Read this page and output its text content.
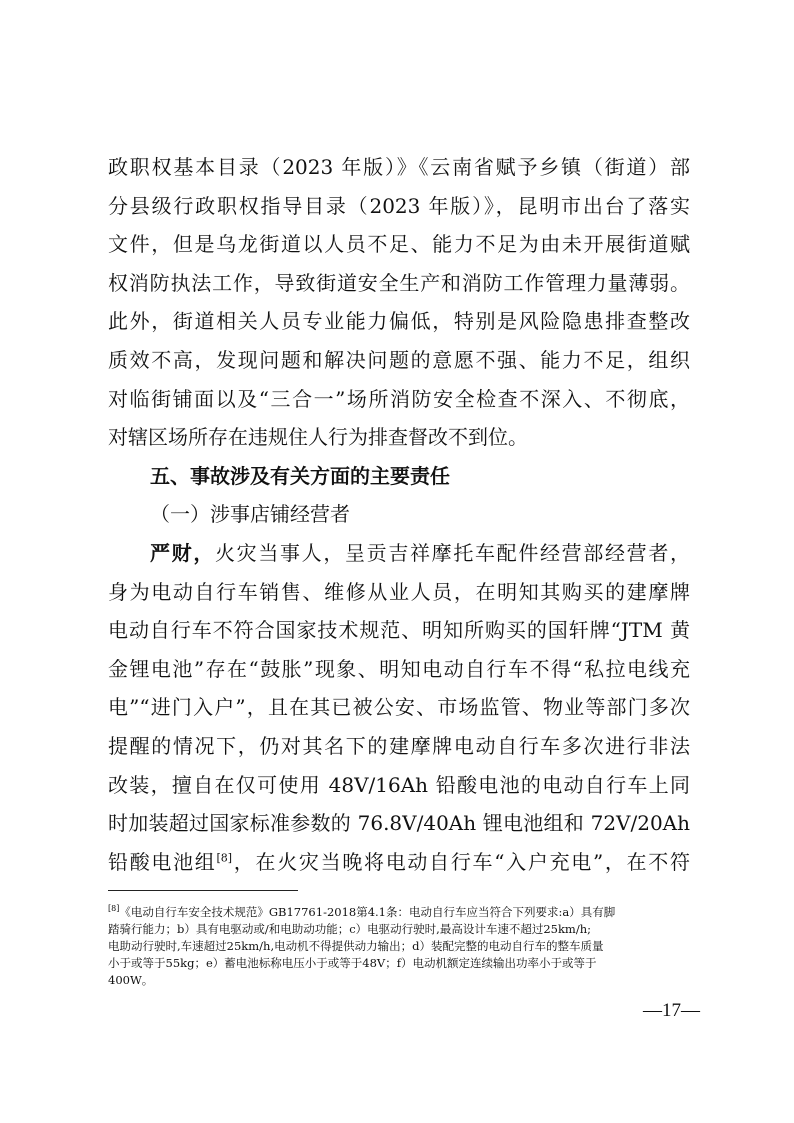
政职权基本目录（2023 年版）》《云南省赋予乡镇（街道）部
分县级行政职权指导目录（2023 年版）》，昆明市出台了落实
文件，但是乌龙街道以人员不足、能力不足为由未开展街道赋
权消防执法工作，导致街道安全生产和消防工作管理力量薄弱。
此外，街道相关人员专业能力偏低，特别是风险隐患排查整改
质效不高，发现问题和解决问题的意愿不强、能力不足，组织
对临街铺面以及“三合一”场所消防安全检查不深入、不彻底，
对辖区场所存在违规住人行为排查督改不到位。
五、事故涉及有关方面的主要责任
（一）涉事店铺经营者
严财，火灾当事人，呈贡吉祥摩托车配件经营部经营者，
身为电动自行车销售、维修从业人员，在明知其购买的建摩牌
电动自行车不符合国家技术规范、明知所购买的国轩牌“JTM 黄
金锂电池”存在“鼓胀”现象、明知电动自行车不得“私拉电线充
电”“进门入户”，且在其已被公安、市场监管、物业等部门多次
提醒的情况下，仍对其名下的建摩牌电动自行车多次进行非法
改装，擅自在仅可使用 48V/16Ah 铅酸电池的电动自行车上同
时加装超过国家标准参数的 76.8V/40Ah 锂电池组和 72V/20Ah
铅酸电池组[8]，在火灾当晚将电动自行车“入户充电”，在不符
[8]《电动自行车安全技术规范》GB17761-2018第4.1条：电动自行车应当符合下列要求:a）具有脚
踏骑行能力；b）具有电驱动或/和电助动功能；c）电驱动行驶时,最高设计车速不超过25km/h;
电助动行驶时,车速超过25km/h,电动机不得提供动力输出；d）装配完整的电动自行车的整车质量
小于或等于55kg；e）蓄电池标称电压小于或等于48V；f）电动机额定连续输出功率小于或等于
400W。
—17—
